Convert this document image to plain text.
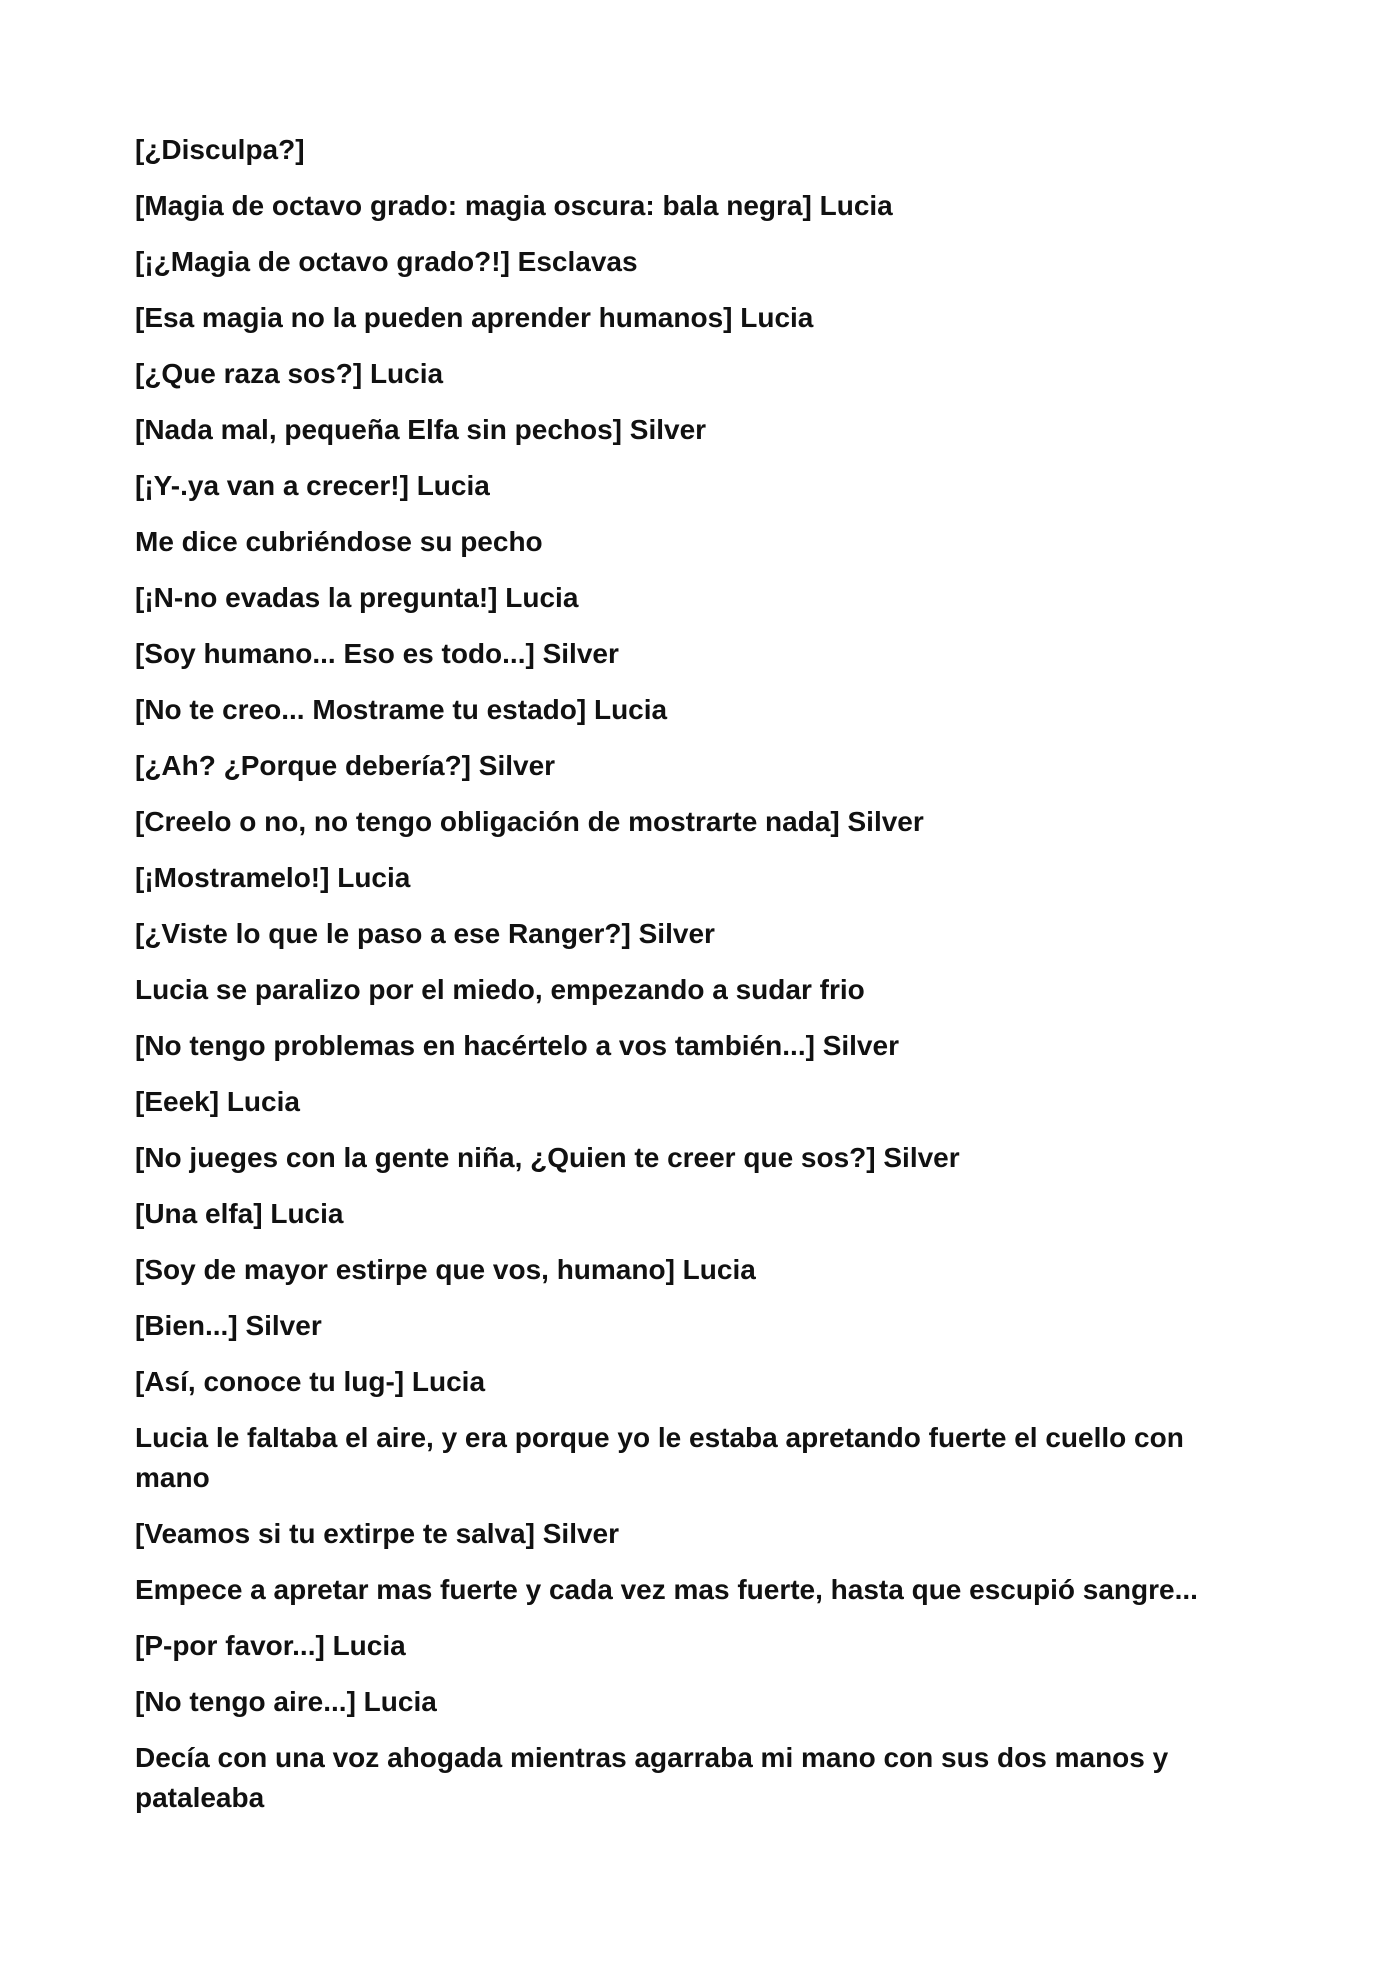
[¿Disculpa?]

[Magia de octavo grado: magia oscura: bala negra] Lucia

[¡¿Magia de octavo grado?!] Esclavas

[Esa magia no la pueden aprender humanos] Lucia

[¿Que raza sos?] Lucia

[Nada mal, pequeña Elfa sin pechos] Silver

[¡Y-.ya van a crecer!] Lucia

Me dice cubriéndose su pecho

[¡N-no evadas la pregunta!] Lucia

[Soy humano... Eso es todo...] Silver

[No te creo... Mostrame tu estado] Lucia

[¿Ah? ¿Porque debería?] Silver

[Creelo o no, no tengo obligación de mostrarte nada] Silver

[¡Mostramelo!] Lucia

[¿Viste lo que le paso a ese Ranger?] Silver

Lucia se paralizo por el miedo, empezando a sudar frio

[No tengo problemas en hacértelo a vos también...] Silver

[Eeek] Lucia

[No jueges con la gente niña, ¿Quien te creer que sos?] Silver

[Una elfa] Lucia

[Soy de mayor estirpe que vos, humano] Lucia

[Bien...] Silver

[Así, conoce tu lug-] Lucia

Lucia le faltaba el aire, y era porque yo le estaba apretando fuerte el cuello con mano

[Veamos si tu extirpe te salva] Silver

Empece a apretar mas fuerte y cada vez mas fuerte, hasta que escupió sangre...

[P-por favor...] Lucia

[No tengo aire...] Lucia

Decía con una voz ahogada mientras agarraba mi mano con sus dos manos y pataleaba
